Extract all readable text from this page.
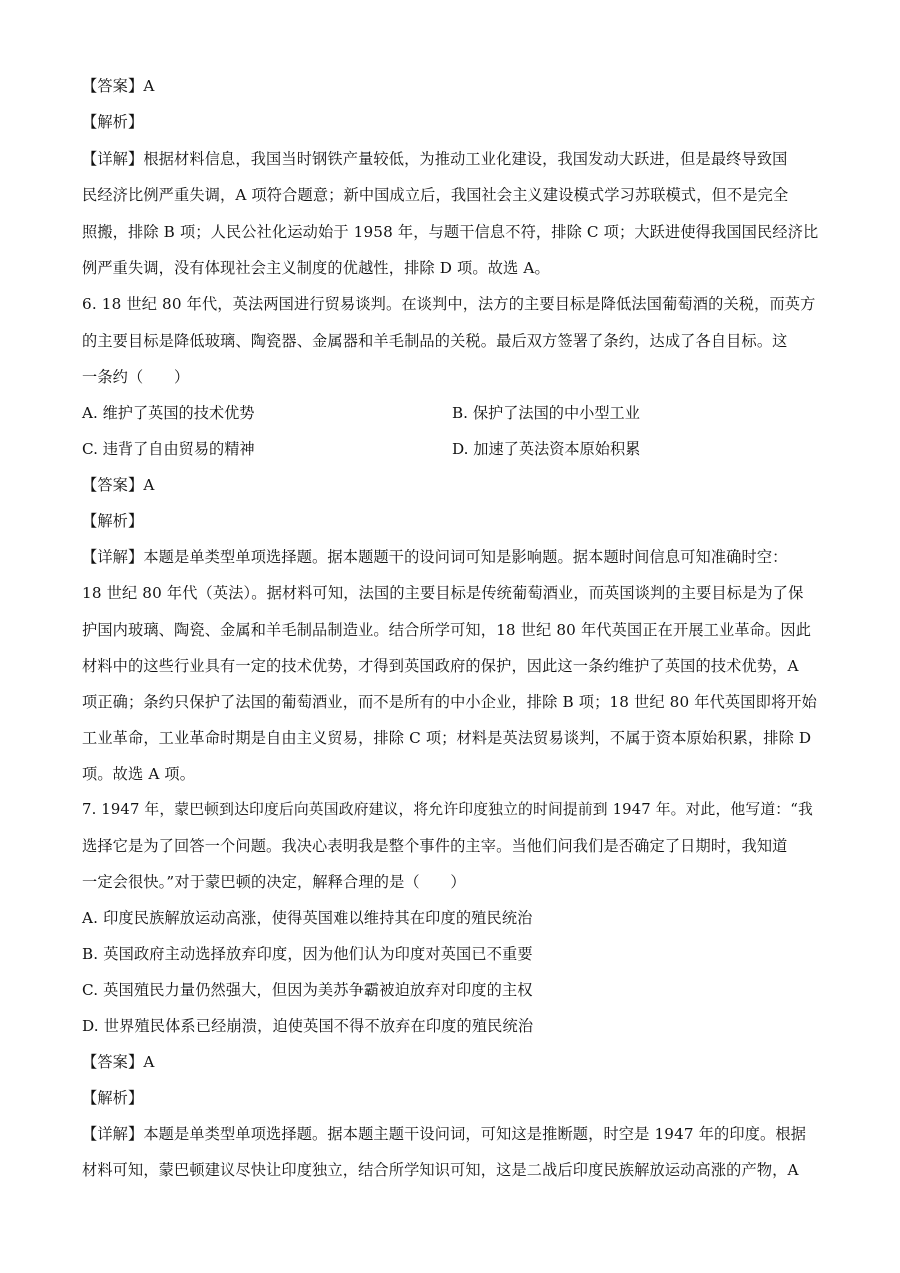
【答案】A
【解析】
【详解】根据材料信息，我国当时钢铁产量较低，为推动工业化建设，我国发动大跃进，但是最终导致国
民经济比例严重失调，A 项符合题意；新中国成立后，我国社会主义建设模式学习苏联模式，但不是完全
照搬，排除 B 项；人民公社化运动始于 1958 年，与题干信息不符，排除 C 项；大跃进使得我国国民经济比
例严重失调，没有体现社会主义制度的优越性，排除 D 项。故选 A。
6. 18 世纪 80 年代，英法两国进行贸易谈判。在谈判中，法方的主要目标是降低法国葡萄酒的关税，而英方
的主要目标是降低玻璃、陶瓷器、金属器和羊毛制品的关税。最后双方签署了条约，达成了各自目标。这
一条约（　　）
A. 维护了英国的技术优势	B. 保护了法国的中小型工业
C. 违背了自由贸易的精神	D. 加速了英法资本原始积累
【答案】A
【解析】
【详解】本题是单类型单项选择题。据本题题干的设问词可知是影响题。据本题时间信息可知准确时空：
18 世纪 80 年代（英法）。据材料可知，法国的主要目标是传统葡萄酒业，而英国谈判的主要目标是为了保
护国内玻璃、陶瓷、金属和羊毛制品制造业。结合所学可知，18 世纪 80 年代英国正在开展工业革命。因此
材料中的这些行业具有一定的技术优势，才得到英国政府的保护，因此这一条约维护了英国的技术优势，A
项正确；条约只保护了法国的葡萄酒业，而不是所有的中小企业，排除 B 项；18 世纪 80 年代英国即将开始
工业革命，工业革命时期是自由主义贸易，排除 C 项；材料是英法贸易谈判，不属于资本原始积累，排除 D
项。故选 A 项。
7. 1947 年，蒙巴顿到达印度后向英国政府建议，将允许印度独立的时间提前到 1947 年。对此，他写道：“我
选择它是为了回答一个问题。我决心表明我是整个事件的主宰。当他们问我们是否确定了日期时，我知道
一定会很快。”对于蒙巴顿的决定，解释合理的是（　　）
A. 印度民族解放运动高涨，使得英国难以维持其在印度的殖民统治
B. 英国政府主动选择放弃印度，因为他们认为印度对英国已不重要
C. 英国殖民力量仍然强大，但因为美苏争霸被迫放弃对印度的主权
D. 世界殖民体系已经崩溃，迫使英国不得不放弃在印度的殖民统治
【答案】A
【解析】
【详解】本题是单类型单项选择题。据本题主题干设问词，可知这是推断题，时空是 1947 年的印度。根据
材料可知，蒙巴顿建议尽快让印度独立，结合所学知识可知，这是二战后印度民族解放运动高涨的产物，A
